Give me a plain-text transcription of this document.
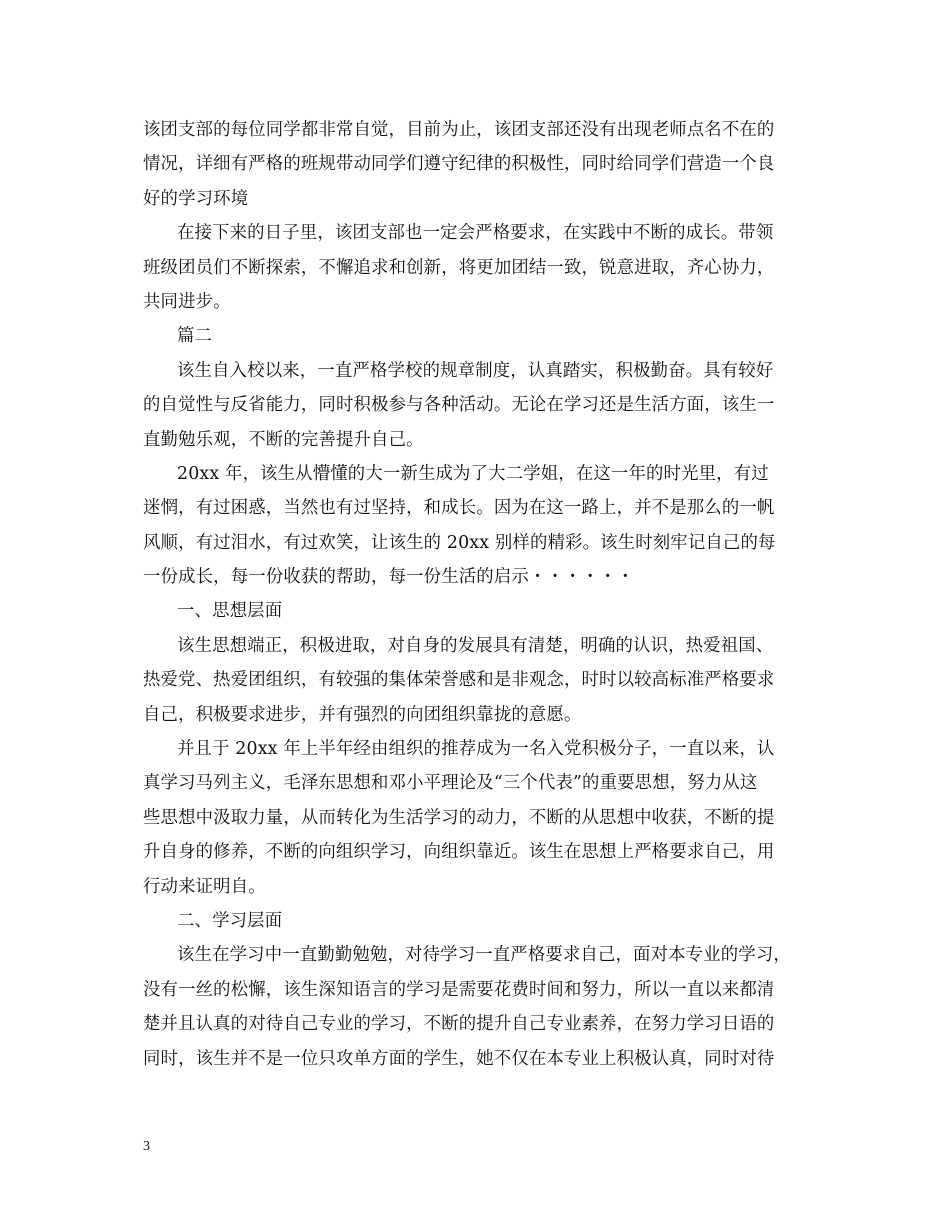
该团支部的每位同学都非常自觉，目前为止，该团支部还没有出现老师点名不在的
情况，详细有严格的班规带动同学们遵守纪律的积极性，同时给同学们营造一个良
好的学习环境
在接下来的日子里，该团支部也一定会严格要求，在实践中不断的成长。带领
班级团员们不断探索，不懈追求和创新，将更加团结一致，锐意进取，齐心协力，
共同进步。
篇二
该生自入校以来，一直严格学校的规章制度，认真踏实，积极勤奋。具有较好
的自觉性与反省能力，同时积极参与各种活动。无论在学习还是生活方面，该生一
直勤勉乐观，不断的完善提升自己。
20xx 年，该生从懵懂的大一新生成为了大二学姐，在这一年的时光里，有过
迷惘，有过困惑，当然也有过坚持，和成长。因为在这一路上，并不是那么的一帆
风顺，有过泪水，有过欢笑，让该生的 20xx 别样的精彩。该生时刻牢记自己的每
一份成长，每一份收获的帮助，每一份生活的启示・・・・・・
一、思想层面
该生思想端正，积极进取，对自身的发展具有清楚，明确的认识，热爱祖国、
热爱党、热爱团组织，有较强的集体荣誉感和是非观念，时时以较高标准严格要求
自己，积极要求进步，并有强烈的向团组织靠拢的意愿。
并且于 20xx 年上半年经由组织的推荐成为一名入党积极分子，一直以来，认
真学习马列主义，毛泽东思想和邓小平理论及“三个代表”的重要思想，努力从这
些思想中汲取力量，从而转化为生活学习的动力，不断的从思想中收获，不断的提
升自身的修养，不断的向组织学习，向组织靠近。该生在思想上严格要求自己，用
行动来证明自。
二、学习层面
该生在学习中一直勤勤勉勉，对待学习一直严格要求自己，面对本专业的学习，
没有一丝的松懈，该生深知语言的学习是需要花费时间和努力，所以一直以来都清
楚并且认真的对待自己专业的学习，不断的提升自己专业素养，在努力学习日语的
同时，该生并不是一位只攻单方面的学生，她不仅在本专业上积极认真，同时对待
3
